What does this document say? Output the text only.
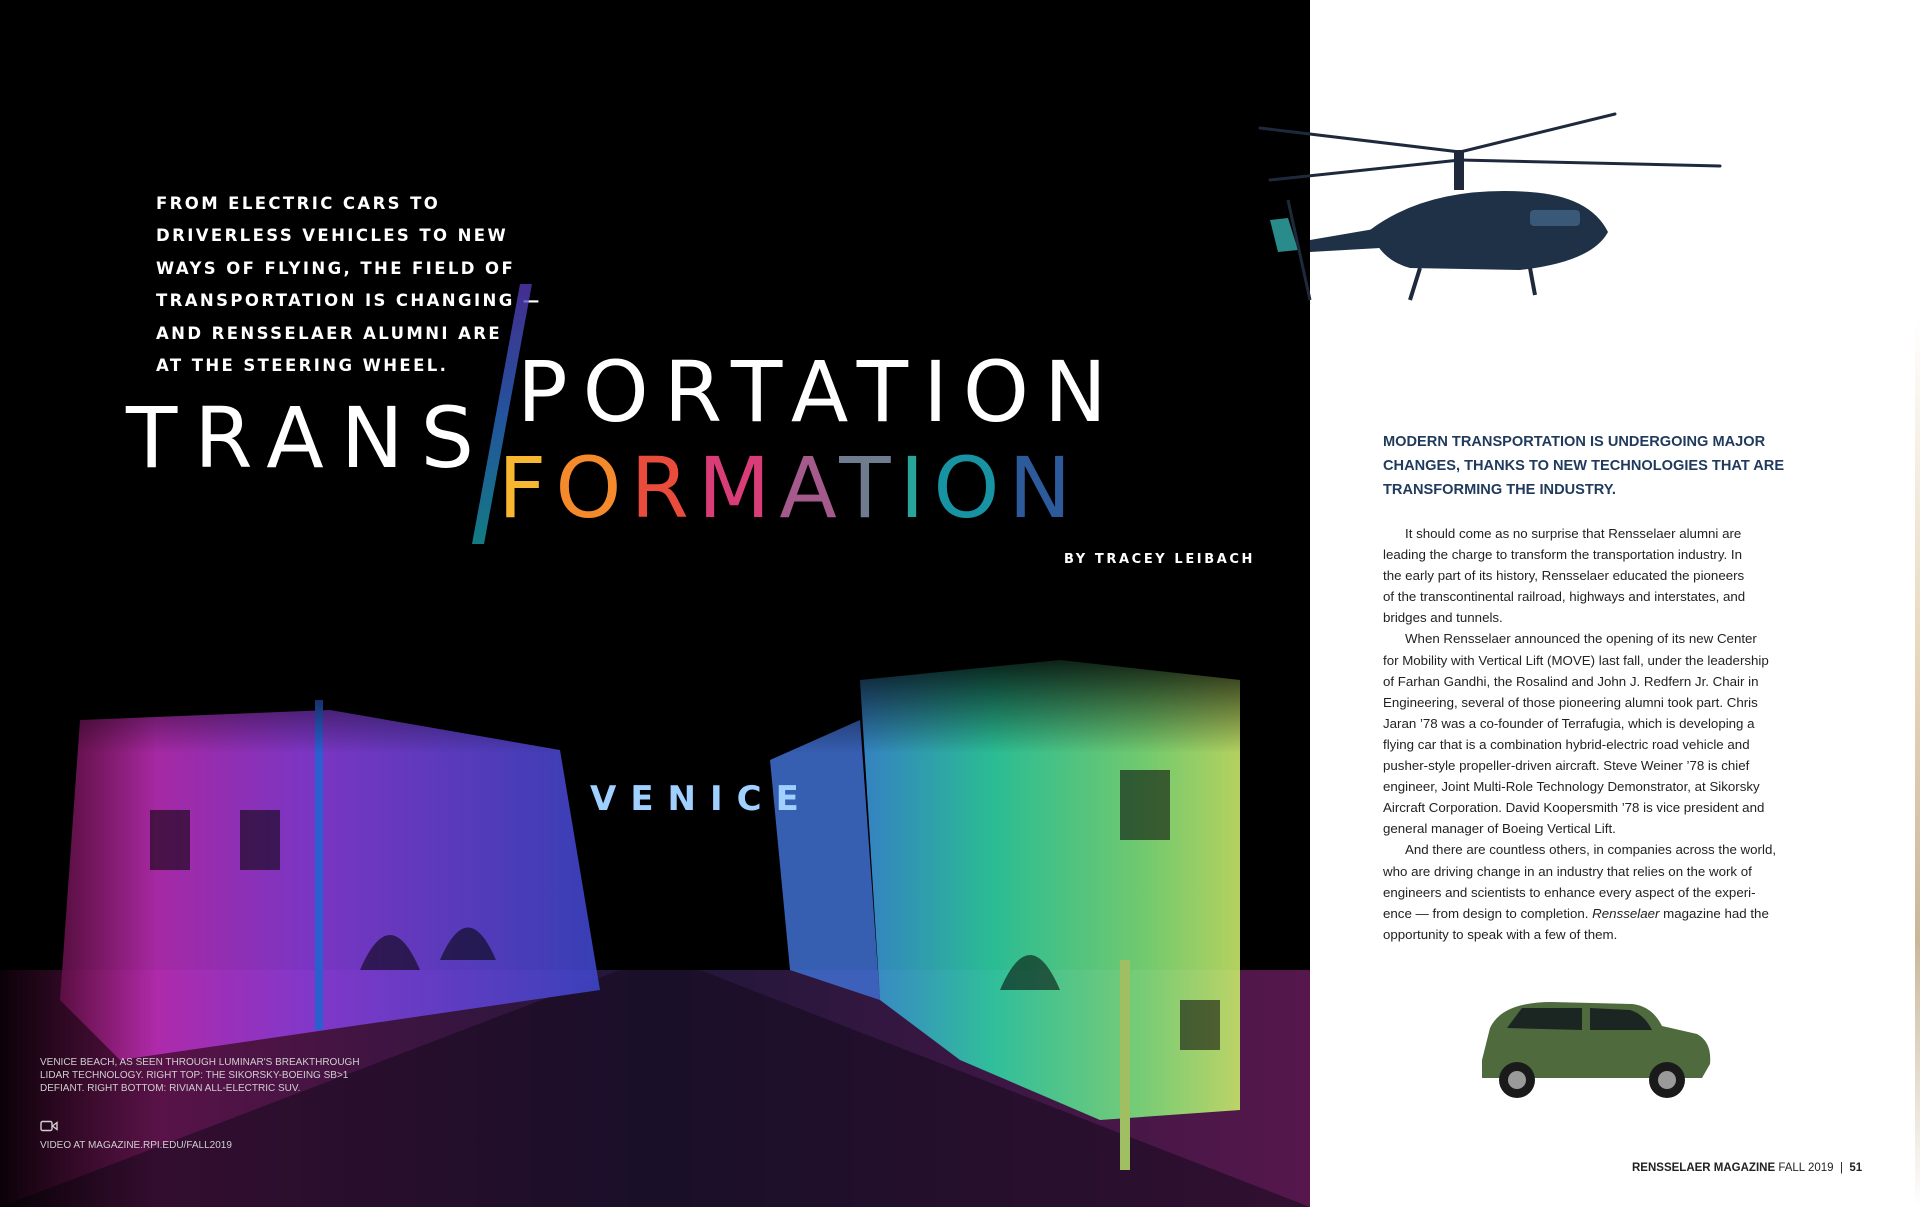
FROM ELECTRIC CARS TO
DRIVERLESS VEHICLES TO NEW
WAYS OF FLYING, THE FIELD OF
TRANSPORTATION IS CHANGING —
AND RENSSELAER ALUMNI ARE
AT THE STEERING WHEEL.
TRANS PORTATION
FORMATION
BY TRACEY LEIBACH
VENICE BEACH, AS SEEN THROUGH LUMINAR'S BREAKTHROUGH LIDAR TECHNOLOGY. RIGHT TOP: THE SIKORSKY-BOEING SB>1 DEFIANT. RIGHT BOTTOM: RIVIAN ALL-ELECTRIC SUV.
VIDEO AT MAGAZINE.RPI.EDU/FALL2019
MODERN TRANSPORTATION IS UNDERGOING MAJOR
CHANGES, THANKS TO NEW TECHNOLOGIES THAT ARE
TRANSFORMING THE INDUSTRY.
It should come as no surprise that Rensselaer alumni are
leading the charge to transform the transportation industry. In
the early part of its history, Rensselaer educated the pioneers
of the transcontinental railroad, highways and interstates, and
bridges and tunnels.
When Rensselaer announced the opening of its new Center
for Mobility with Vertical Lift (MOVE) last fall, under the leadership
of Farhan Gandhi, the Rosalind and John J. Redfern Jr. Chair in
Engineering, several of those pioneering alumni took part. Chris
Jaran ’78 was a co-founder of Terrafugia, which is developing a
flying car that is a combination hybrid-electric road vehicle and
pusher-style propeller-driven aircraft. Steve Weiner ’78 is chief
engineer, Joint Multi-Role Technology Demonstrator, at Sikorsky
Aircraft Corporation. David Koopersmith ’78 is vice president and
general manager of Boeing Vertical Lift.
And there are countless others, in companies across the world,
who are driving change in an industry that relies on the work of
engineers and scientists to enhance every aspect of the experi-
ence — from design to completion. Rensselaer magazine had the
opportunity to speak with a few of them.
RENSSELAER MAGAZINE FALL 2019 | 51
